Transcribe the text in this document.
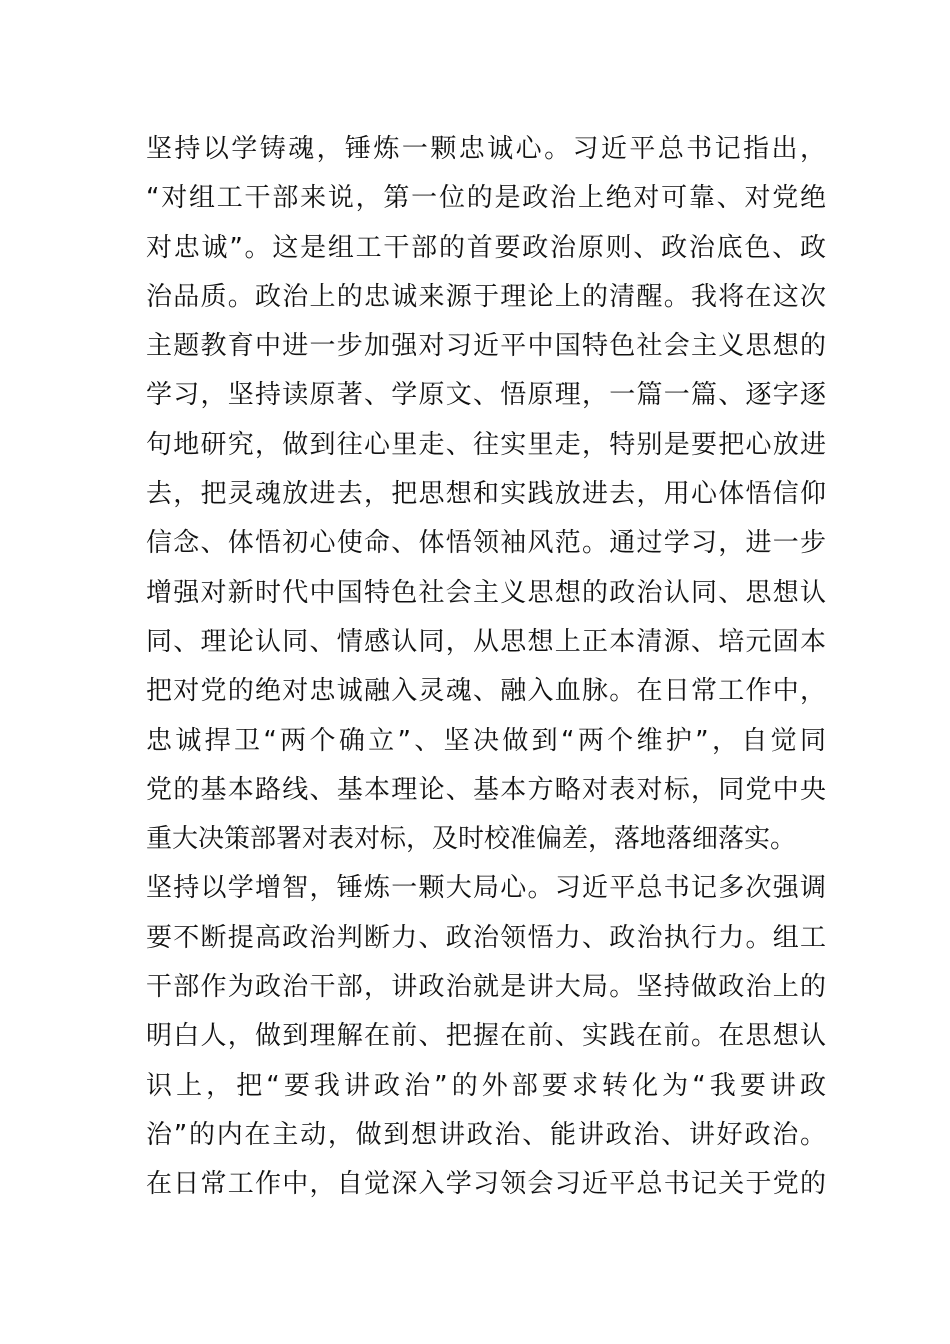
坚持以学铸魂，锤炼一颗忠诚心。习近平总书记指出，
“对组工干部来说，第一位的是政治上绝对可靠、对党绝
对忠诚”。这是组工干部的首要政治原则、政治底色、政
治品质。政治上的忠诚来源于理论上的清醒。我将在这次
主题教育中进一步加强对习近平中国特色社会主义思想的
学习，坚持读原著、学原文、悟原理，一篇一篇、逐字逐
句地研究，做到往心里走、往实里走，特别是要把心放进
去，把灵魂放进去，把思想和实践放进去，用心体悟信仰
信念、体悟初心使命、体悟领袖风范。通过学习，进一步
增强对新时代中国特色社会主义思想的政治认同、思想认
同、理论认同、情感认同，从思想上正本清源、培元固本
把对党的绝对忠诚融入灵魂、融入血脉。在日常工作中，
忠诚捍卫“两个确立”、坚决做到“两个维护”，自觉同
党的基本路线、基本理论、基本方略对表对标，同党中央
重大决策部署对表对标，及时校准偏差，落地落细落实。
坚持以学增智，锤炼一颗大局心。习近平总书记多次强调
要不断提高政治判断力、政治领悟力、政治执行力。组工
干部作为政治干部，讲政治就是讲大局。坚持做政治上的
明白人，做到理解在前、把握在前、实践在前。在思想认
识上，把“要我讲政治”的外部要求转化为“我要讲政
治”的内在主动，做到想讲政治、能讲政治、讲好政治。
在日常工作中，自觉深入学习领会习近平总书记关于党的
